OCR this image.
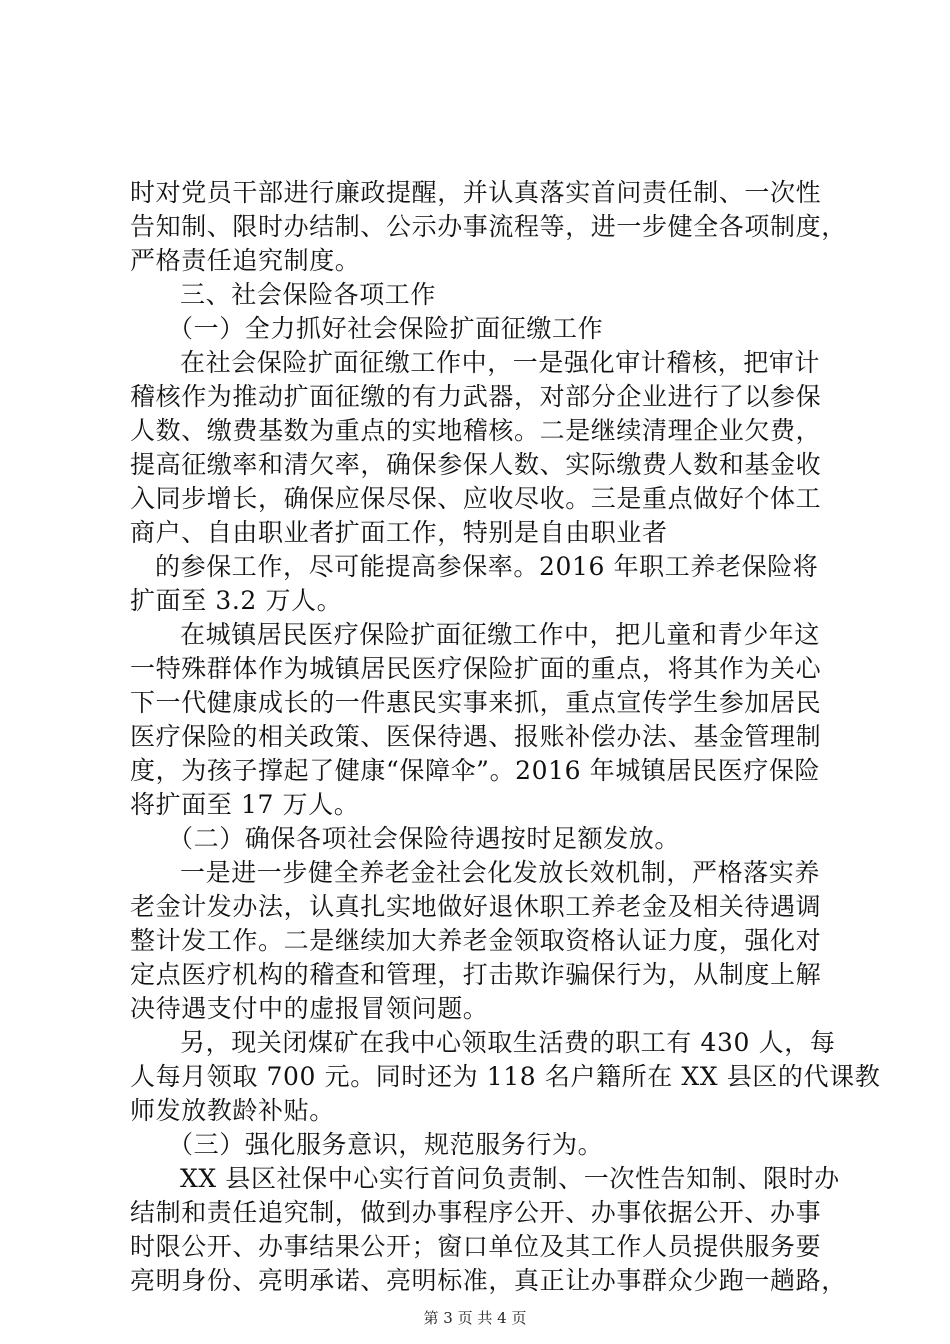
时对党员干部进行廉政提醒，并认真落实首问责任制、一次性
告知制、限时办结制、公示办事流程等，进一步健全各项制度，
严格责任追究制度。
三、社会保险各项工作
（一）全力抓好社会保险扩面征缴工作
在社会保险扩面征缴工作中，一是强化审计稽核，把审计
稽核作为推动扩面征缴的有力武器，对部分企业进行了以参保
人数、缴费基数为重点的实地稽核。二是继续清理企业欠费，
提高征缴率和清欠率，确保参保人数、实际缴费人数和基金收
入同步增长，确保应保尽保、应收尽收。三是重点做好个体工
商户、自由职业者扩面工作，特别是自由职业者
的参保工作，尽可能提高参保率。2016 年职工养老保险将
扩面至 3.2 万人。
在城镇居民医疗保险扩面征缴工作中，把儿童和青少年这
一特殊群体作为城镇居民医疗保险扩面的重点，将其作为关心
下一代健康成长的一件惠民实事来抓，重点宣传学生参加居民
医疗保险的相关政策、医保待遇、报账补偿办法、基金管理制
度，为孩子撑起了健康“保障伞”。2016 年城镇居民医疗保险
将扩面至 17 万人。
（二）确保各项社会保险待遇按时足额发放。
一是进一步健全养老金社会化发放长效机制，严格落实养
老金计发办法，认真扎实地做好退休职工养老金及相关待遇调
整计发工作。二是继续加大养老金领取资格认证力度，强化对
定点医疗机构的稽查和管理，打击欺诈骗保行为，从制度上解
决待遇支付中的虚报冒领问题。
另，现关闭煤矿在我中心领取生活费的职工有 430 人，每
人每月领取 700 元。同时还为 118 名户籍所在 XX 县区的代课教
师发放教龄补贴。
（三）强化服务意识，规范服务行为。
XX 县区社保中心实行首问负责制、一次性告知制、限时办
结制和责任追究制，做到办事程序公开、办事依据公开、办事
时限公开、办事结果公开；窗口单位及其工作人员提供服务要
亮明身份、亮明承诺、亮明标准，真正让办事群众少跑一趟路，
第 3 页 共 4 页
